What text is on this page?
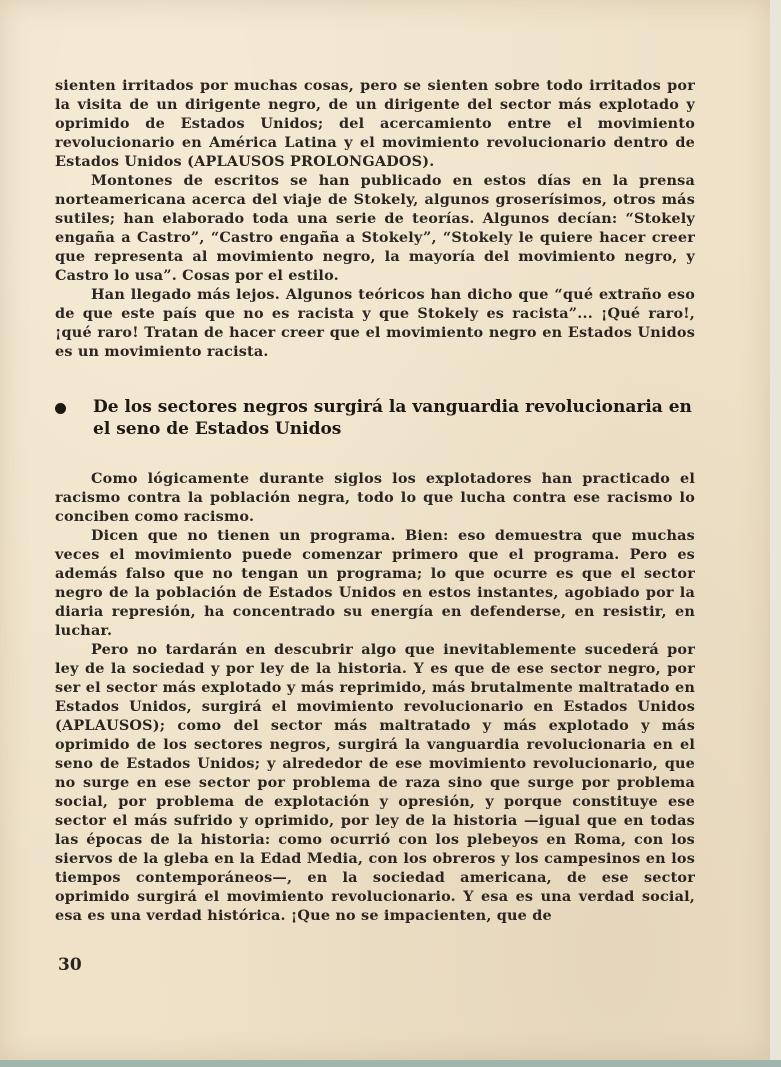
sienten irritados por muchas cosas, pero se sienten sobre todo irritados por la visita de un dirigente negro, de un dirigente del sector más explotado y oprimido de Estados Unidos; del acercamiento entre el movimiento revolucionario en América Latina y el movimiento revolucionario dentro de Estados Unidos (APLAUSOS PROLONGADOS).

Montones de escritos se han publicado en estos días en la prensa norteamericana acerca del viaje de Stokely, algunos groserísimos, otros más sutiles; han elaborado toda una serie de teorías. Algunos decían: “Stokely engaña a Castro”, “Castro engaña a Stokely”, “Stokely le quiere hacer creer que representa al movimiento negro, la mayoría del movimiento negro, y Castro lo usa”. Cosas por el estilo.

Han llegado más lejos. Algunos teóricos han dicho que “qué extraño eso de que este país que no es racista y que Stokely es racista”... ¡Qué raro!, ¡qué raro! Tratan de hacer creer que el movimiento negro en Estados Unidos es un movimiento racista.

De los sectores negros surgirá la vanguardia revolucionaria en el seno de Estados Unidos

Como lógicamente durante siglos los explotadores han practicado el racismo contra la población negra, todo lo que lucha contra ese racismo lo conciben como racismo.

Dicen que no tienen un programa. Bien: eso demuestra que muchas veces el movimiento puede comenzar primero que el programa. Pero es además falso que no tengan un programa; lo que ocurre es que el sector negro de la población de Estados Unidos en estos instantes, agobiado por la diaria represión, ha concentrado su energía en defenderse, en resistir, en luchar.

Pero no tardarán en descubrir algo que inevitablemente sucederá por ley de la sociedad y por ley de la historia. Y es que de ese sector negro, por ser el sector más explotado y más reprimido, más brutalmente maltratado en Estados Unidos, surgirá el movimiento revolucionario en Estados Unidos (APLAUSOS); como del sector más maltratado y más explotado y más oprimido de los sectores negros, surgirá la vanguardia revolucionaria en el seno de Estados Unidos; y alrededor de ese movimiento revolucionario, que no surge en ese sector por problema de raza sino que surge por problema social, por problema de explotación y opresión, y porque constituye ese sector el más sufrido y oprimido, por ley de la historia —igual que en todas las épocas de la historia: como ocurrió con los plebeyos en Roma, con los siervos de la gleba en la Edad Media, con los obreros y los campesinos en los tiempos contemporáneos—, en la sociedad americana, de ese sector oprimido surgirá el movimiento revolucionario. Y esa es una verdad social, esa es una verdad histórica. ¡Que no se impacienten, que de

30
